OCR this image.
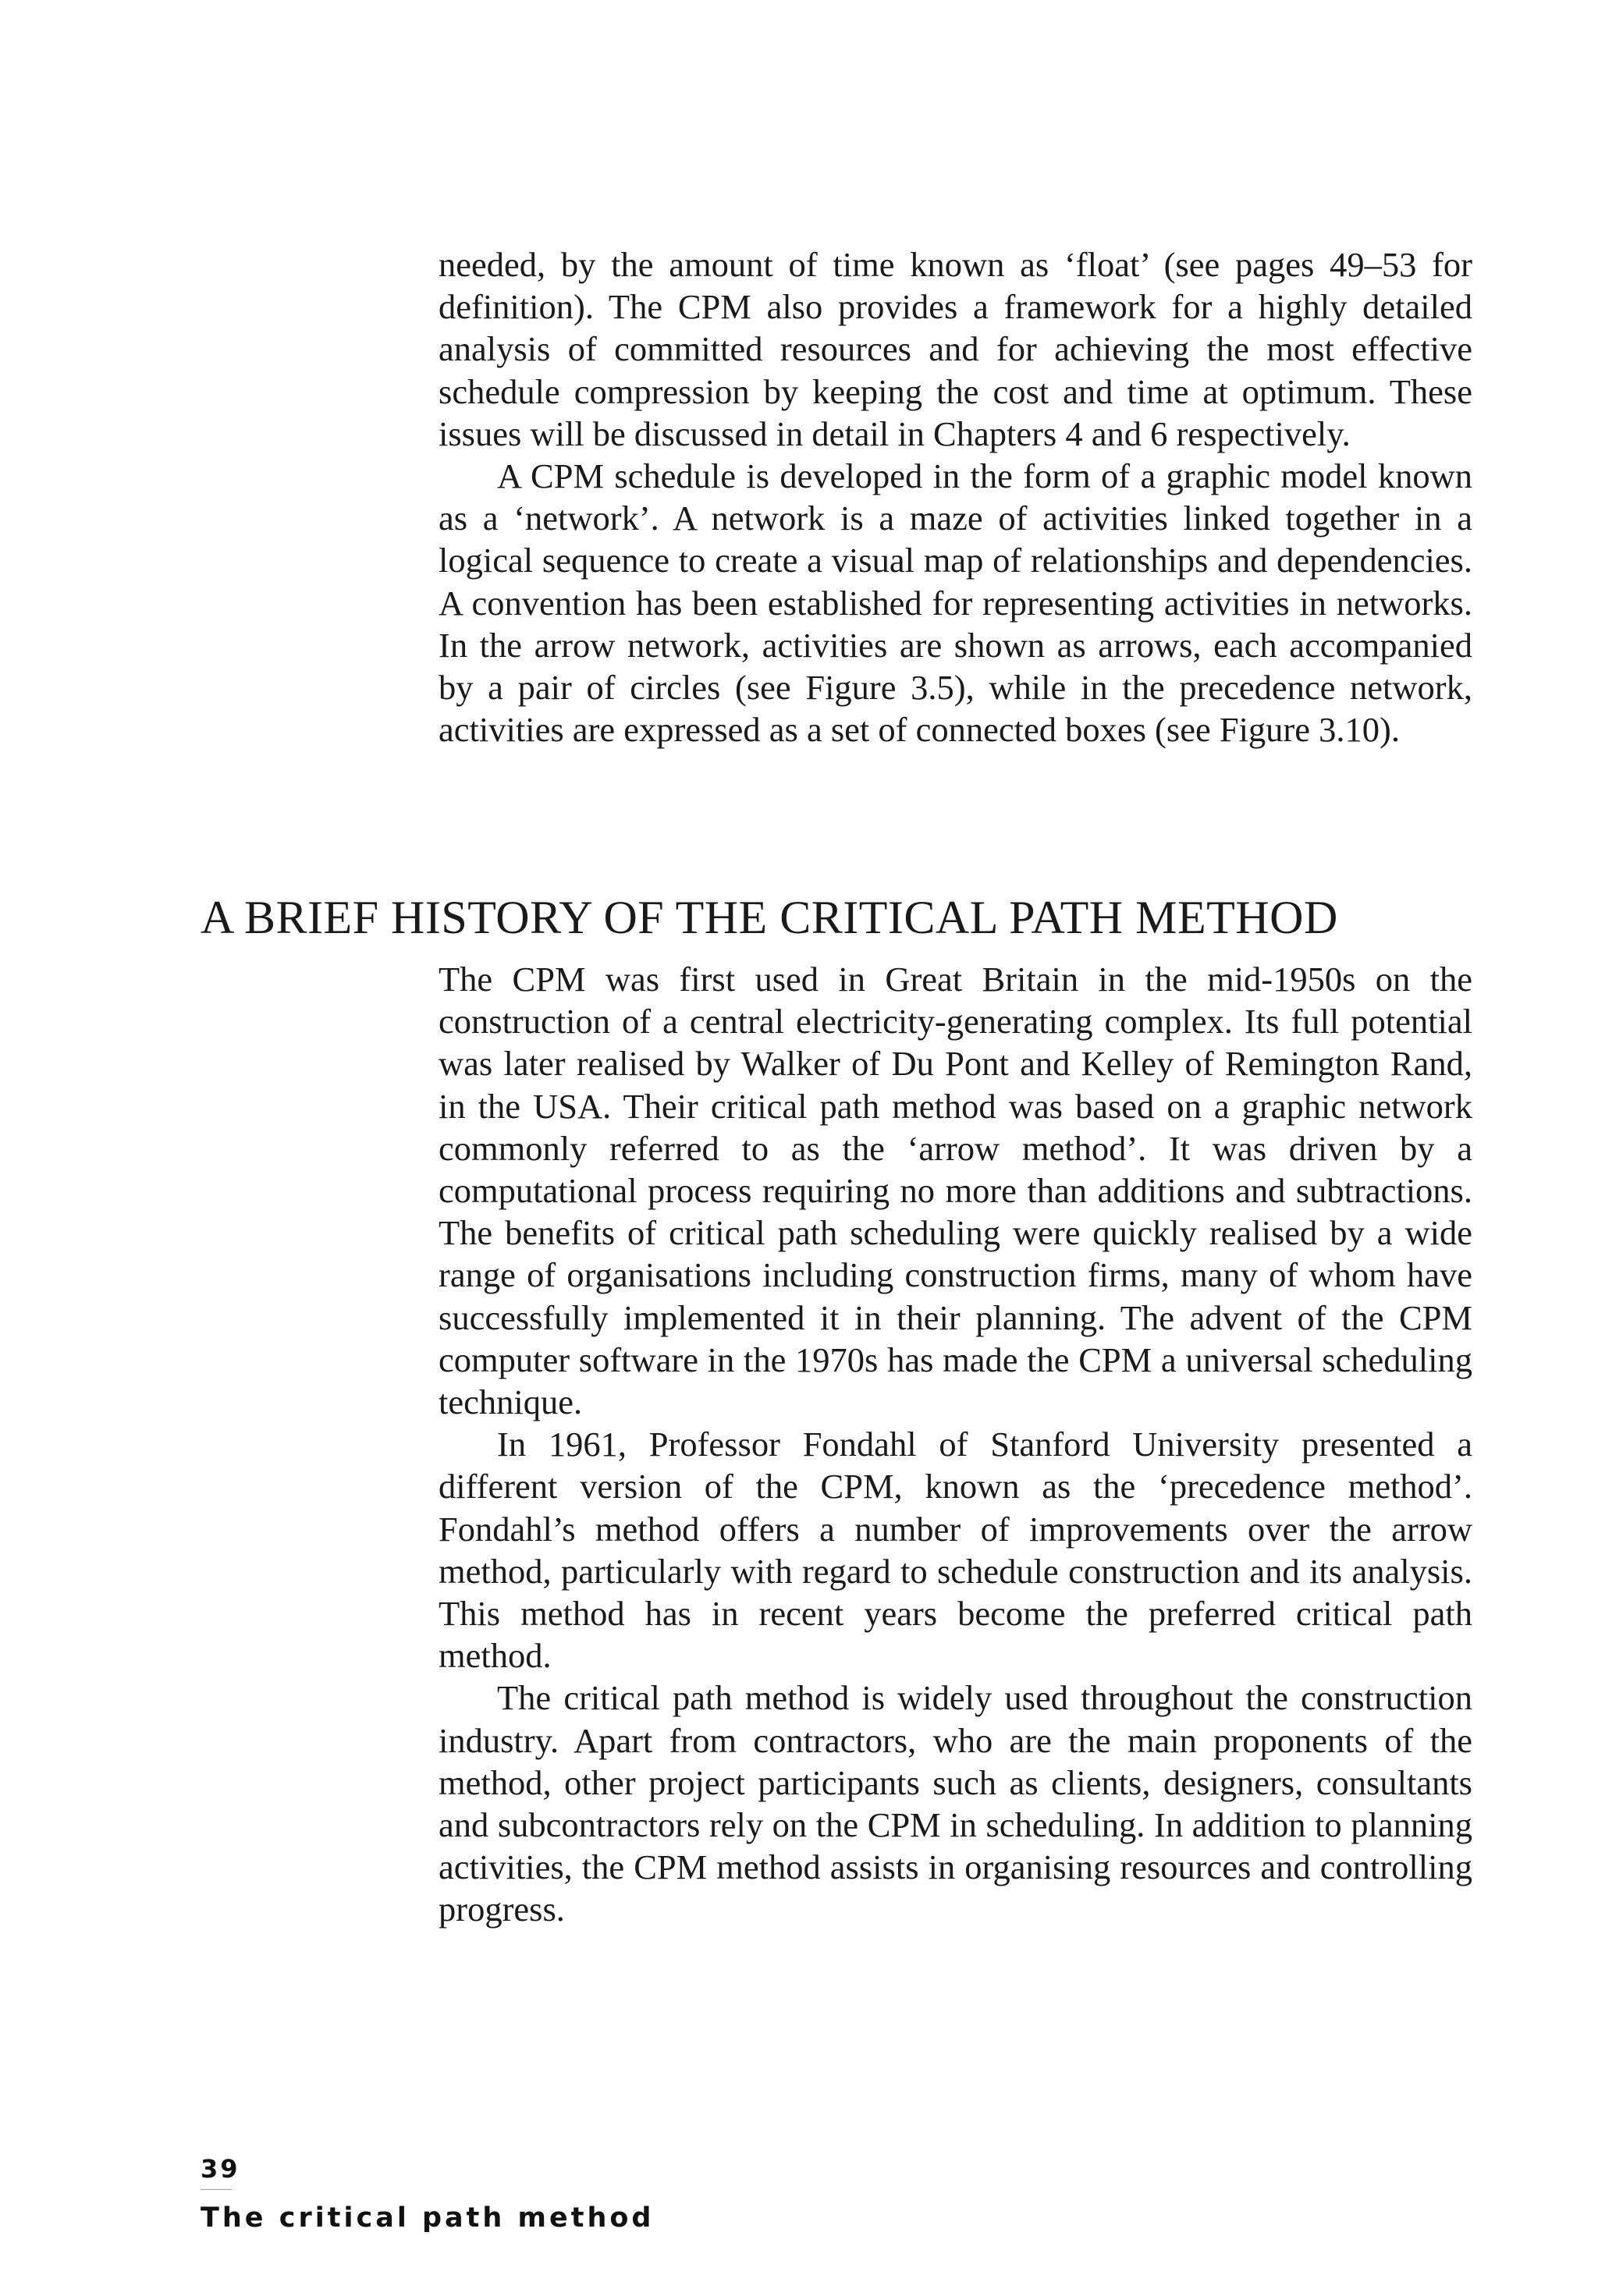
needed, by the amount of time known as ‘float’ (see pages 49–53 for definition). The CPM also provides a framework for a highly detailed analysis of committed resources and for achieving the most effective schedule compression by keeping the cost and time at optimum. These issues will be discussed in detail in Chapters 4 and 6 respectively.

A CPM schedule is developed in the form of a graphic model known as a ‘network’. A network is a maze of activities linked together in a logical sequence to create a visual map of relationships and dependencies. A convention has been established for representing activities in networks. In the arrow network, activities are shown as arrows, each accompanied by a pair of circles (see Figure 3.5), while in the precedence network, activities are expressed as a set of connected boxes (see Figure 3.10).

A BRIEF HISTORY OF THE CRITICAL PATH METHOD

The CPM was first used in Great Britain in the mid-1950s on the construction of a central electricity-generating complex. Its full potential was later realised by Walker of Du Pont and Kelley of Remington Rand, in the USA. Their critical path method was based on a graphic network commonly referred to as the ‘arrow method’. It was driven by a computational process requiring no more than additions and subtractions. The benefits of critical path scheduling were quickly realised by a wide range of organisations including construction firms, many of whom have successfully implemented it in their planning. The advent of the CPM computer software in the 1970s has made the CPM a universal scheduling technique.

In 1961, Professor Fondahl of Stanford University presented a different version of the CPM, known as the ‘precedence method’. Fondahl’s method offers a number of improvements over the arrow method, particularly with regard to schedule construction and its analysis. This method has in recent years become the preferred critical path method.

The critical path method is widely used throughout the construction industry. Apart from contractors, who are the main proponents of the method, other project participants such as clients, designers, consultants and subcontractors rely on the CPM in scheduling. In addition to planning activities, the CPM method assists in organising resources and controlling progress.

39
The critical path method
